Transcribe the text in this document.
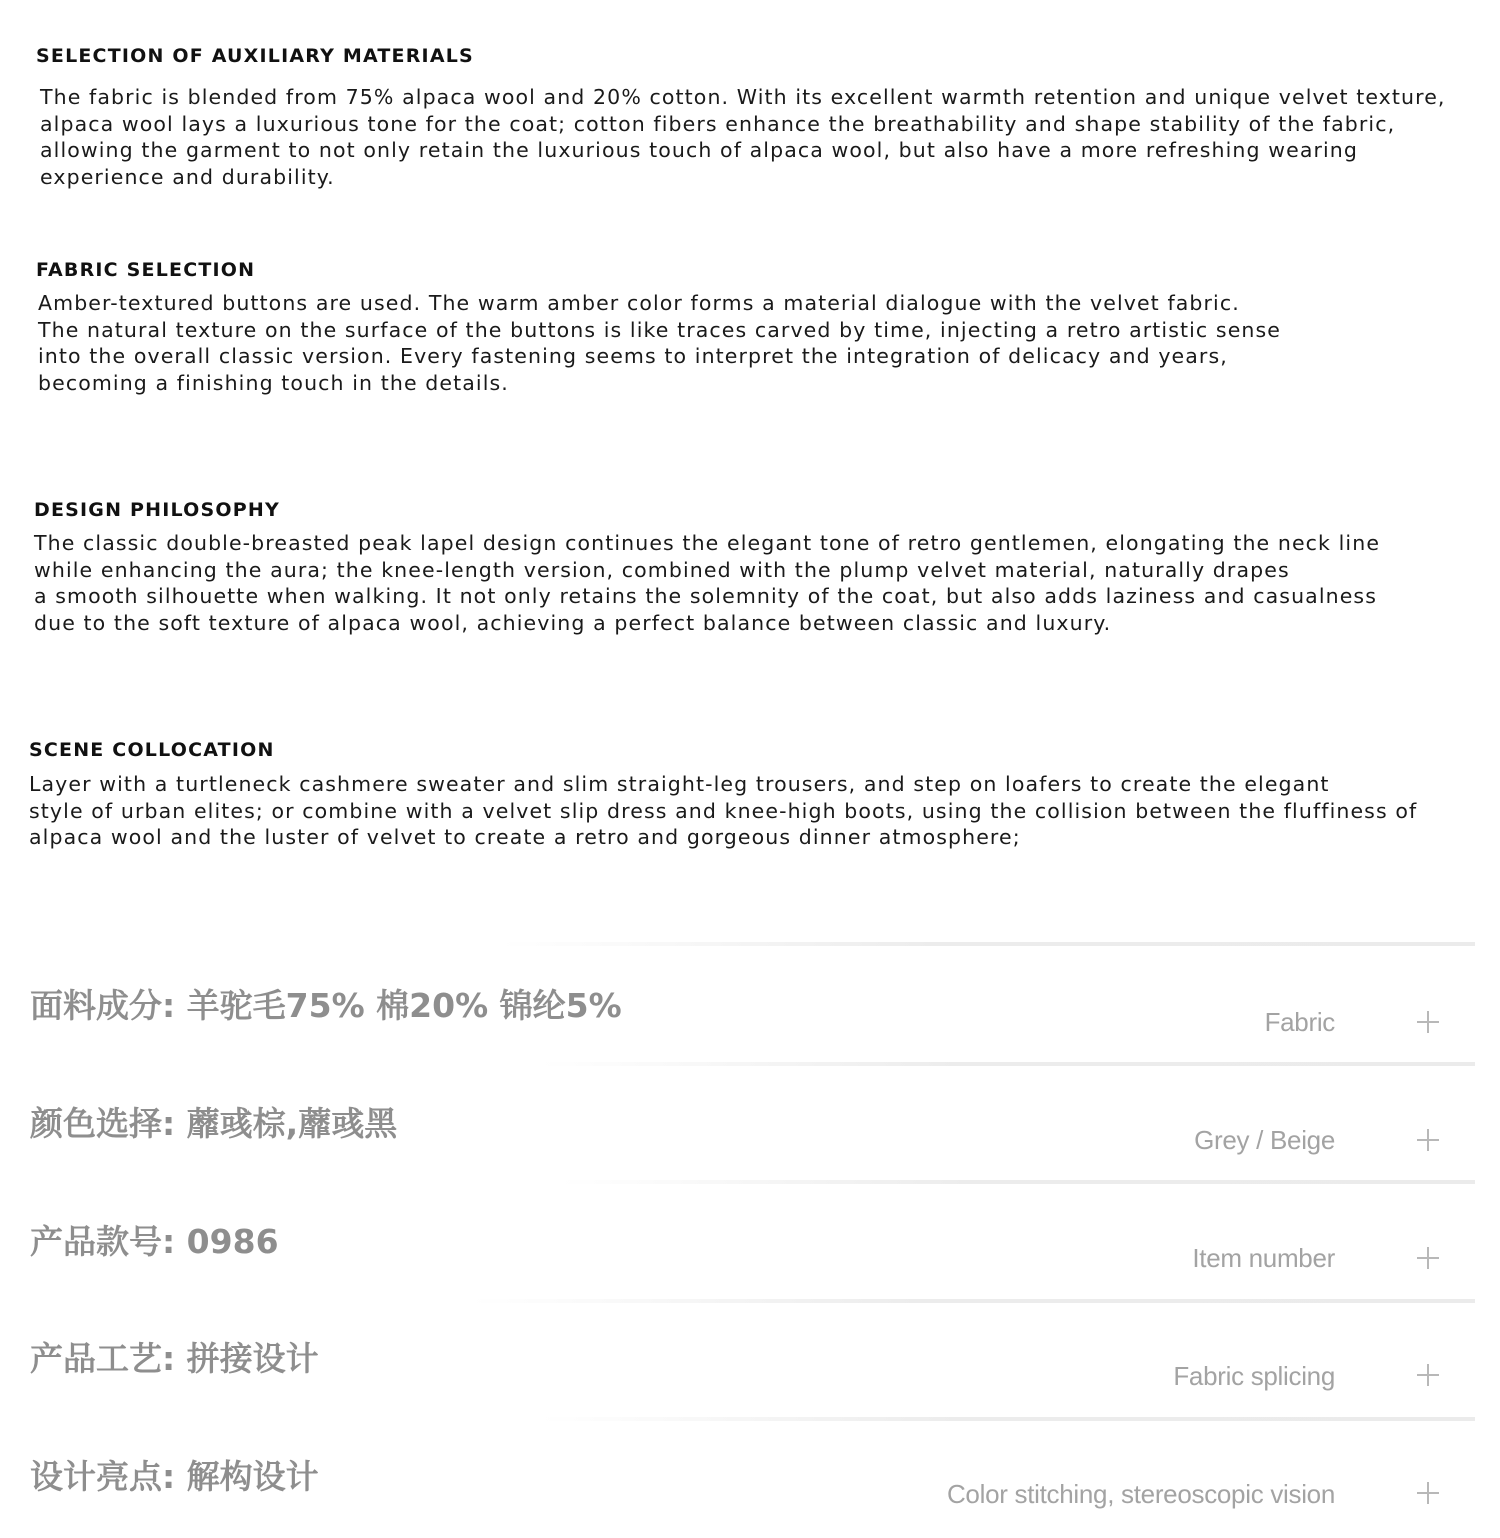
SELECTION OF AUXILIARY MATERIALS

The fabric is blended from 75% alpaca wool and 20% cotton. With its excellent warmth retention and unique velvet texture,
alpaca wool lays a luxurious tone for the coat; cotton fibers enhance the breathability and shape stability of the fabric,
allowing the garment to not only retain the luxurious touch of alpaca wool, but also have a more refreshing wearing
experience and durability.

FABRIC SELECTION

Amber-textured buttons are used. The warm amber color forms a material dialogue with the velvet fabric.
The natural texture on the surface of the buttons is like traces carved by time, injecting a retro artistic sense
into the overall classic version. Every fastening seems to interpret the integration of delicacy and years,
becoming a finishing touch in the details.

DESIGN PHILOSOPHY

The classic double-breasted peak lapel design continues the elegant tone of retro gentlemen, elongating the neck line
while enhancing the aura; the knee-length version, combined with the plump velvet material, naturally drapes
a smooth silhouette when walking. It not only retains the solemnity of the coat, but also adds laziness and casualness
due to the soft texture of alpaca wool, achieving a perfect balance between classic and luxury.

SCENE COLLOCATION

Layer with a turtleneck cashmere sweater and slim straight-leg trousers, and step on loafers to create the elegant
style of urban elites; or combine with a velvet slip dress and knee-high boots, using the collision between the fluffiness of
alpaca wool and the luster of velvet to create a retro and gorgeous dinner atmosphere;

面料成分: 羊驼毛75% 棉20% 锦纶5%	Fabric
颜色选择: 蘼彧棕,蘼彧黑	Grey / Beige
产品款号: 0986	Item number
产品工艺: 拼接设计	Fabric splicing
设计亮点: 解构设计	Color stitching, stereoscopic vision
